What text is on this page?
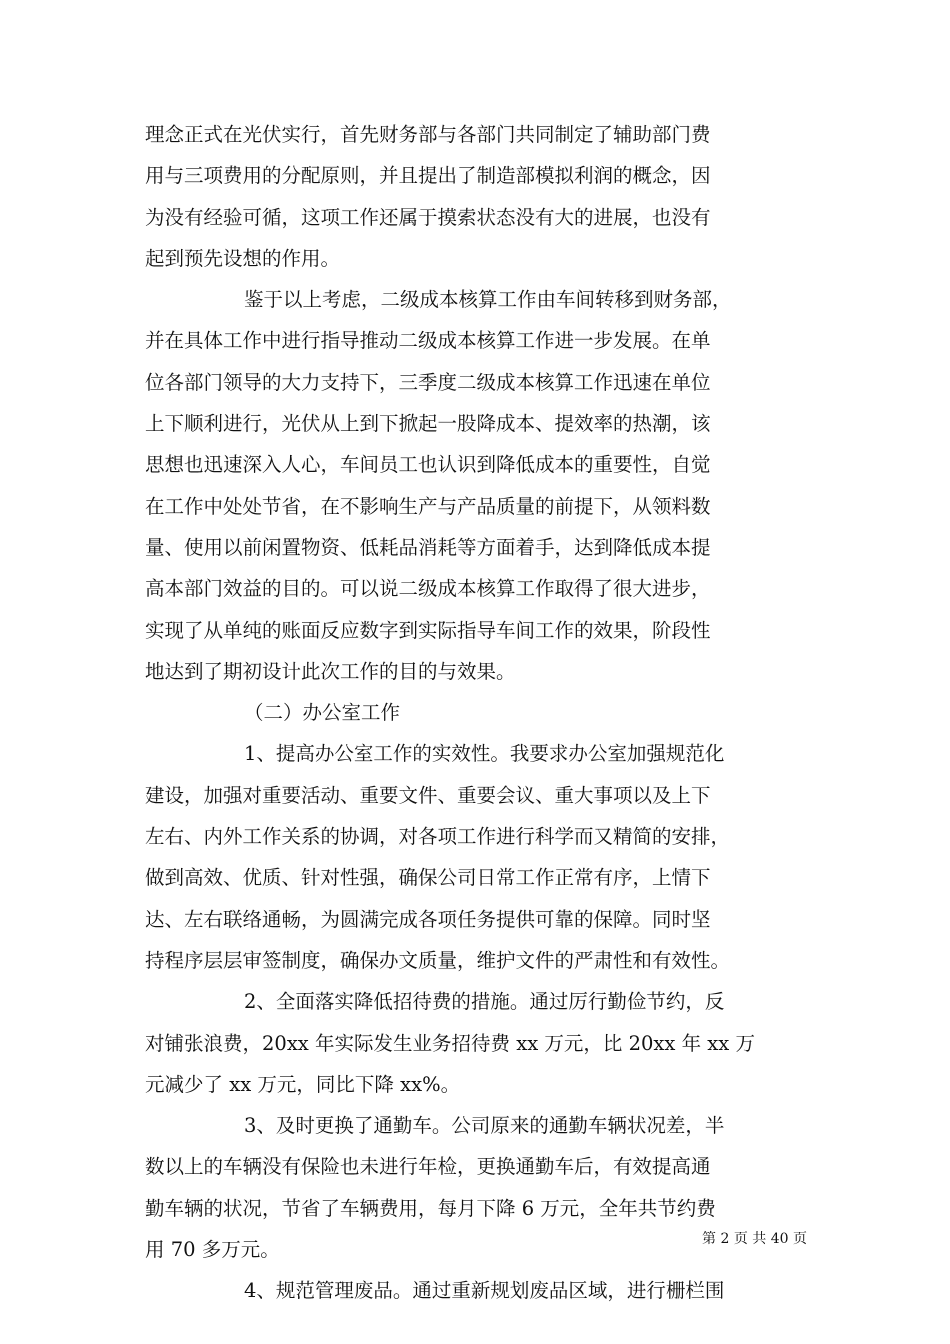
理念正式在光伏实行，首先财务部与各部门共同制定了辅助部门费
用与三项费用的分配原则，并且提出了制造部模拟利润的概念，因
为没有经验可循，这项工作还属于摸索状态没有大的进展，也没有
起到预先设想的作用。

鉴于以上考虑，二级成本核算工作由车间转移到财务部，
并在具体工作中进行指导推动二级成本核算工作进一步发展。在单
位各部门领导的大力支持下，三季度二级成本核算工作迅速在单位
上下顺利进行，光伏从上到下掀起一股降成本、提效率的热潮，该
思想也迅速深入人心，车间员工也认识到降低成本的重要性，自觉
在工作中处处节省，在不影响生产与产品质量的前提下，从领料数
量、使用以前闲置物资、低耗品消耗等方面着手，达到降低成本提
高本部门效益的目的。可以说二级成本核算工作取得了很大进步，
实现了从单纯的账面反应数字到实际指导车间工作的效果，阶段性
地达到了期初设计此次工作的目的与效果。

（二）办公室工作

1、提高办公室工作的实效性。我要求办公室加强规范化
建设，加强对重要活动、重要文件、重要会议、重大事项以及上下
左右、内外工作关系的协调，对各项工作进行科学而又精简的安排，
做到高效、优质、针对性强，确保公司日常工作正常有序，上情下
达、左右联络通畅，为圆满完成各项任务提供可靠的保障。同时坚
持程序层层审签制度，确保办文质量，维护文件的严肃性和有效性。

2、全面落实降低招待费的措施。通过厉行勤俭节约，反
对铺张浪费，20xx 年实际发生业务招待费 xx 万元，比 20xx 年 xx 万
元减少了 xx 万元，同比下降 xx%。

3、及时更换了通勤车。公司原来的通勤车辆状况差，半
数以上的车辆没有保险也未进行年检，更换通勤车后，有效提高通
勤车辆的状况，节省了车辆费用，每月下降 6 万元，全年共节约费
用 70 多万元。

4、规范管理废品。通过重新规划废品区域，进行栅栏围

第 2 页 共 40 页
